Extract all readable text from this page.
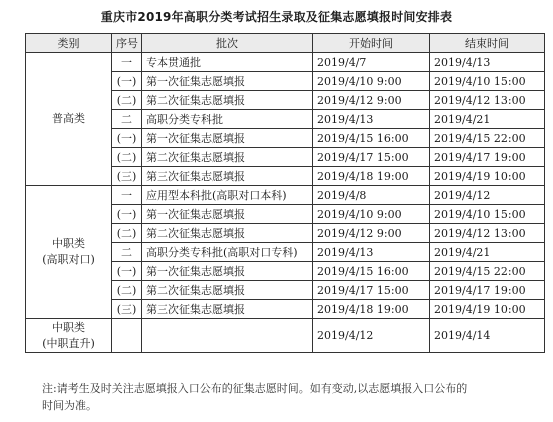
重庆市2019年高职分类考试招生录取及征集志愿填报时间安排表
类别	序号	批次	开始时间	结束时间
普高类	一	专本贯通批	2019/4/7	2019/4/13
	(一)	第一次征集志愿填报	2019/4/10 9:00	2019/4/10 15:00
	(二)	第二次征集志愿填报	2019/4/12 9:00	2019/4/12 13:00
	二	高职分类专科批	2019/4/13	2019/4/21
	(一)	第一次征集志愿填报	2019/4/15 16:00	2019/4/15 22:00
	(二)	第二次征集志愿填报	2019/4/17 15:00	2019/4/17 19:00
	(三)	第三次征集志愿填报	2019/4/18 19:00	2019/4/19 10:00
中职类
(高职对口)	一	应用型本科批(高职对口本科)	2019/4/8	2019/4/12
	(一)	第一次征集志愿填报	2019/4/10 9:00	2019/4/10 15:00
	(二)	第二次征集志愿填报	2019/4/12 9:00	2019/4/12 13:00
	二	高职分类专科批(高职对口专科)	2019/4/13	2019/4/21
	(一)	第一次征集志愿填报	2019/4/15 16:00	2019/4/15 22:00
	(二)	第二次征集志愿填报	2019/4/17 15:00	2019/4/17 19:00
	(三)	第三次征集志愿填报	2019/4/18 19:00	2019/4/19 10:00
中职类
(中职直升)			2019/4/12	2019/4/14
注:请考生及时关注志愿填报入口公布的征集志愿时间。如有变动,以志愿填报入口公布的
时间为准。
